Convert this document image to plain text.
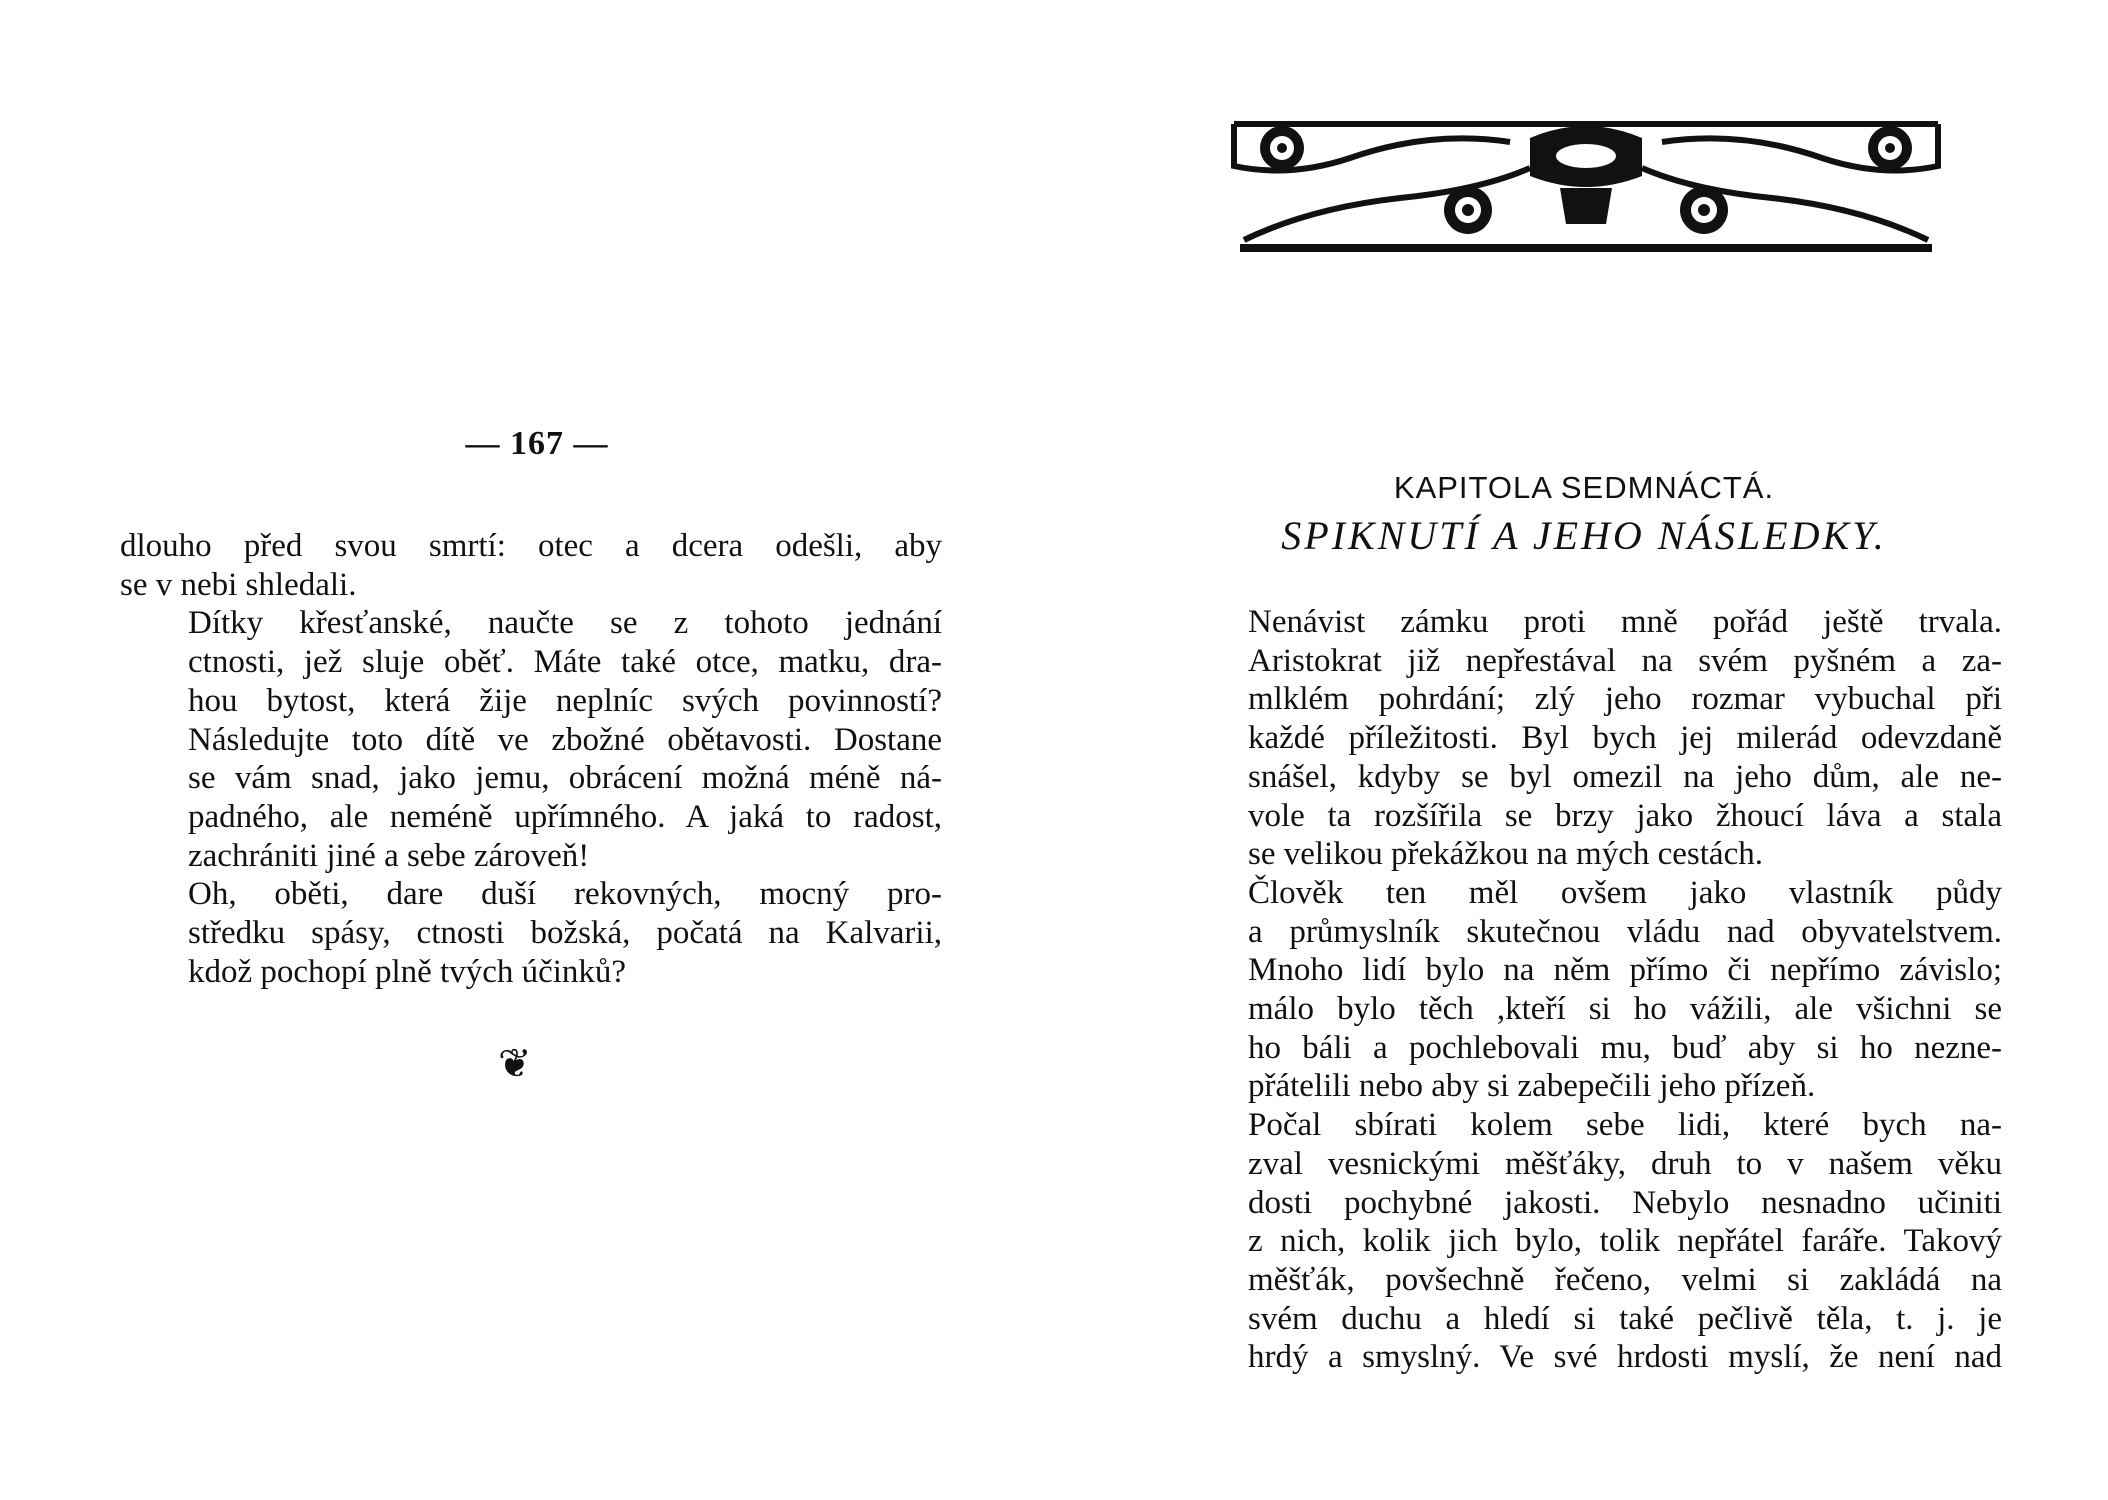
— 167 —

dlouho před svou smrtí: otec a dcera odešli, aby
se v nebi shledali.

Dítky křesťanské, naučte se z tohoto jednání
ctnosti, jež sluje oběť. Máte také otce, matku, dra-
hou bytost, která žije neplníc svých povinností?
Následujte toto dítě ve zbožné obětavosti. Dostane
se vám snad, jako jemu, obrácení možná méně ná-
padného, ale neméně upřímného. A jaká to radost,
zachrániti jiné a sebe zároveň!

Oh, oběti, dare duší rekovných, mocný pro-
středku spásy, ctnosti božská, počatá na Kalvarii,
kdož pochopí plně tvých účinků?

❦
KAPITOLA SEDMNÁCTÁ.
SPIKNUTÍ A JEHO NÁSLEDKY.

Nenávist zámku proti mně pořád ještě trvala.
Aristokrat již nepřestával na svém pyšném a za-
mlklém pohrdání; zlý jeho rozmar vybuchal při
každé příležitosti. Byl bych jej milerád odevzdaně
snášel, kdyby se byl omezil na jeho dům, ale ne-
vole ta rozšířila se brzy jako žhoucí láva a stala
se velikou překážkou na mých cestách.

Člověk ten měl ovšem jako vlastník půdy
a průmyslník skutečnou vládu nad obyvatelstvem.
Mnoho lidí bylo na něm přímo či nepřímo závislo;
málo bylo těch ,kteří si ho vážili, ale všichni se
ho báli a pochlebovali mu, buď aby si ho nezne-
přátelili nebo aby si zabepečili jeho přízeň.

Počal sbírati kolem sebe lidi, které bych na-
zval vesnickými měšťáky, druh to v našem věku
dosti pochybné jakosti. Nebylo nesnadno učiniti
z nich, kolik jich bylo, tolik nepřátel faráře. Takový
měšťák, povšechně řečeno, velmi si zakládá na
svém duchu a hledí si také pečlivě těla, t. j. je
hrdý a smyslný. Ve své hrdosti myslí, že není nad
